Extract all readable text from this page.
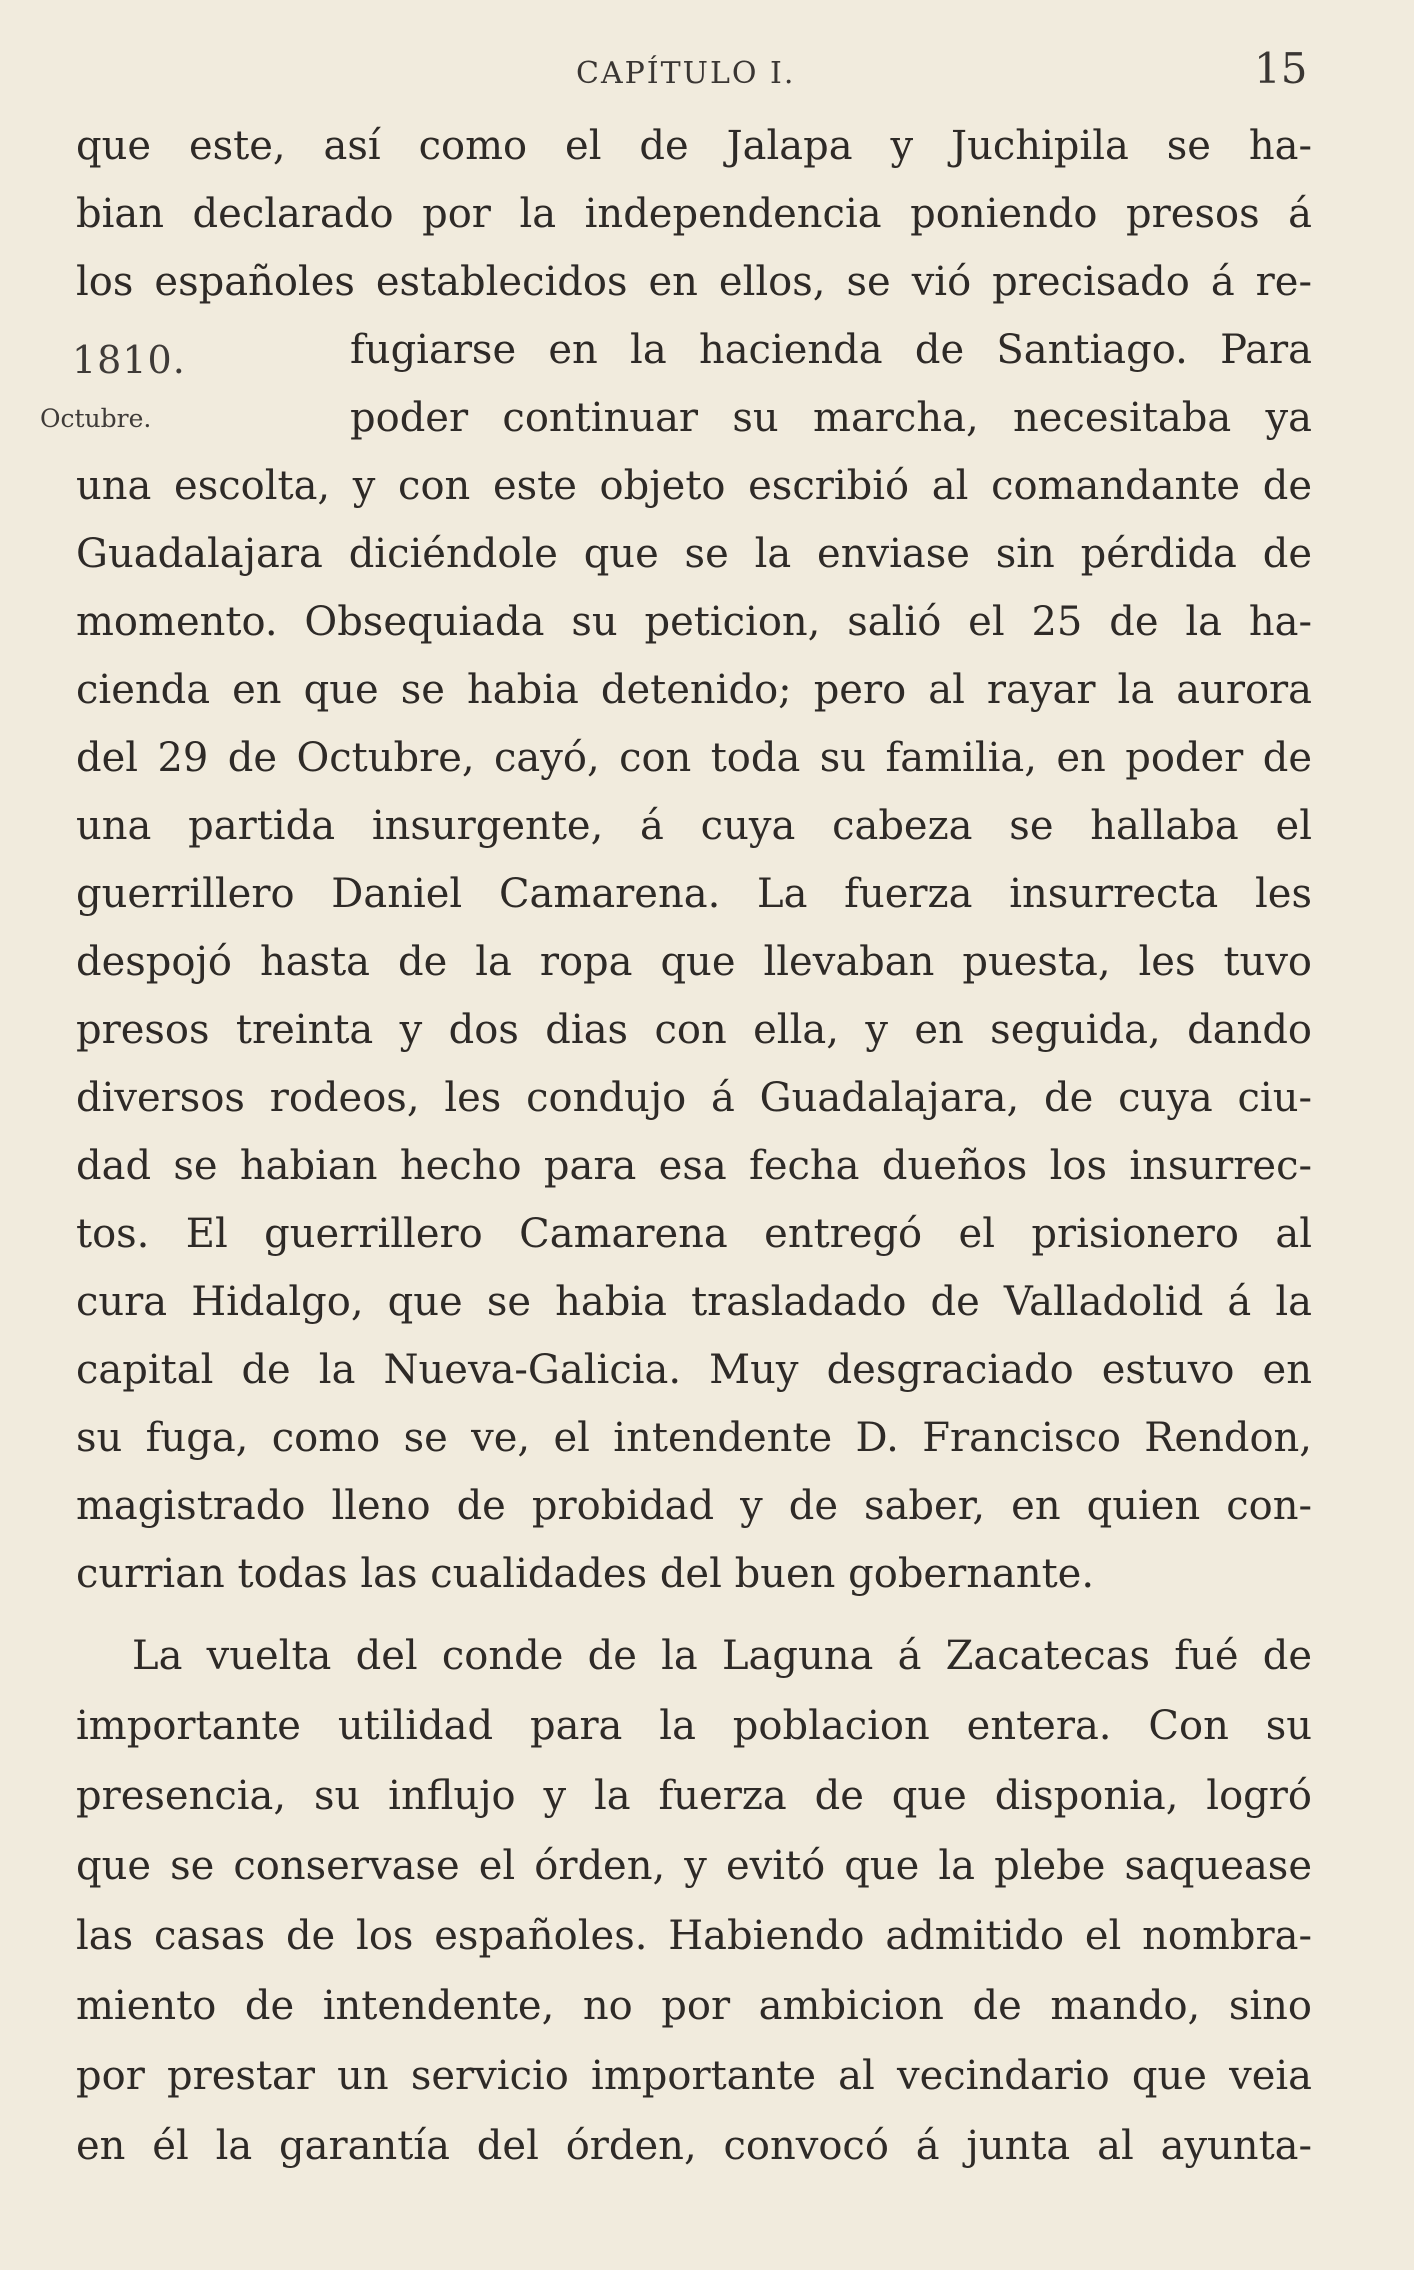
CAPÍTULO I.	15
1810.
Octubre.
que este, así como el de Jalapa y Juchipila se ha-
bian declarado por la independencia poniendo presos á
los españoles establecidos en ellos, se vió precisado á re-
fugiarse en la hacienda de Santiago. Para
poder continuar su marcha, necesitaba ya
una escolta, y con este objeto escribió al comandante de
Guadalajara diciéndole que se la enviase sin pérdida de
momento. Obsequiada su peticion, salió el 25 de la ha-
cienda en que se habia detenido; pero al rayar la aurora
del 29 de Octubre, cayó, con toda su familia, en poder de
una partida insurgente, á cuya cabeza se hallaba el
guerrillero Daniel Camarena. La fuerza insurrecta les
despojó hasta de la ropa que llevaban puesta, les tuvo
presos treinta y dos dias con ella, y en seguida, dando
diversos rodeos, les condujo á Guadalajara, de cuya ciu-
dad se habian hecho para esa fecha dueños los insurrec-
tos. El guerrillero Camarena entregó el prisionero al
cura Hidalgo, que se habia trasladado de Valladolid á la
capital de la Nueva-Galicia. Muy desgraciado estuvo en
su fuga, como se ve, el intendente D. Francisco Rendon,
magistrado lleno de probidad y de saber, en quien con-
currian todas las cualidades del buen gobernante.
La vuelta del conde de la Laguna á Zacatecas fué de
importante utilidad para la poblacion entera. Con su
presencia, su influjo y la fuerza de que disponia, logró
que se conservase el órden, y evitó que la plebe saquease
las casas de los españoles. Habiendo admitido el nombra-
miento de intendente, no por ambicion de mando, sino
por prestar un servicio importante al vecindario que veia
en él la garantía del órden, convocó á junta al ayunta-
